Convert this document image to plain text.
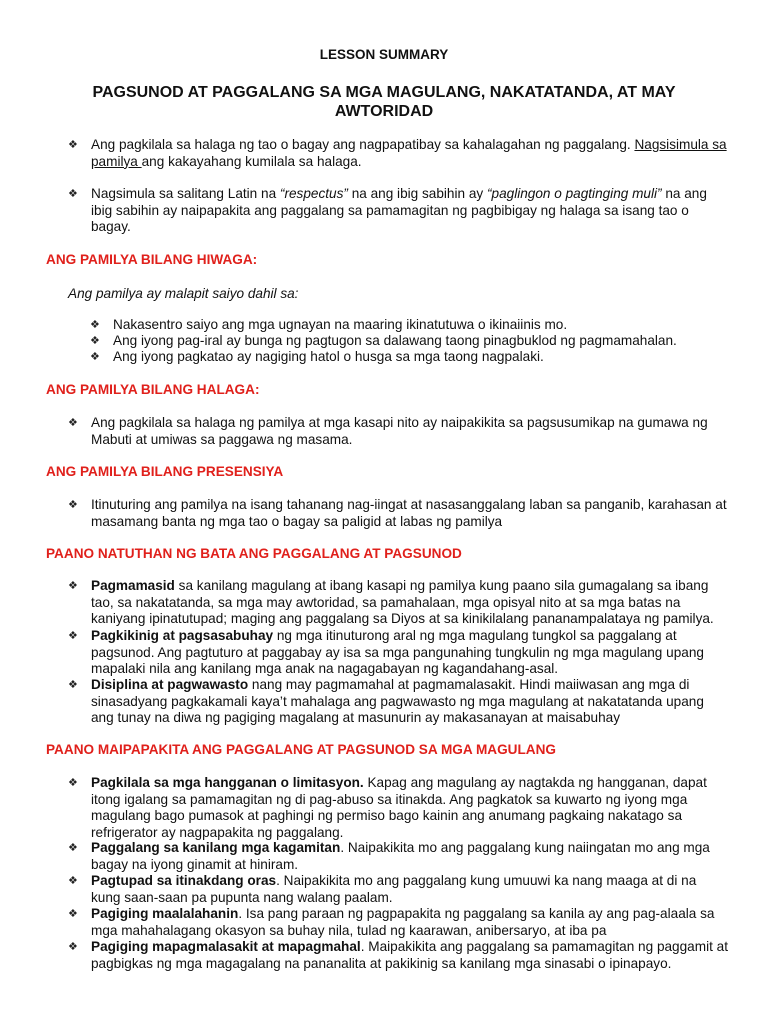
LESSON SUMMARY

PAGSUNOD AT PAGGALANG SA MGA MAGULANG, NAKATATANDA, AT MAY AWTORIDAD

❖ Ang pagkilala sa halaga ng tao o bagay ang nagpapatibay sa kahalagahan ng paggalang. Nagsisimula sa pamilya ang kakayahang kumilala sa halaga.
❖ Nagsimula sa salitang Latin na “respectus” na ang ibig sabihin ay “paglingon o pagtinging muli” na ang ibig sabihin ay naipapakita ang paggalang sa pamamagitan ng pagbibigay ng halaga sa isang tao o bagay.

ANG PAMILYA BILANG HIWAGA:

Ang pamilya ay malapit saiyo dahil sa:

❖ Nakasentro saiyo ang mga ugnayan na maaring ikinatutuwa o ikinaiinis mo.
❖ Ang iyong pag-iral ay bunga ng pagtugon sa dalawang taong pinagbuklod ng pagmamahalan.
❖ Ang iyong pagkatao ay nagiging hatol o husga sa mga taong nagpalaki.

ANG PAMILYA BILANG HALAGA:

❖ Ang pagkilala sa halaga ng pamilya at mga kasapi nito ay naipakikita sa pagsusumikap na gumawa ng Mabuti at umiwas sa paggawa ng masama.

ANG PAMILYA BILANG PRESENSIYA

❖ Itinuturing ang pamilya na isang tahanang nag-iingat at nasasanggalang laban sa panganib, karahasan at masamang banta ng mga tao o bagay sa paligid at labas ng pamilya

PAANO NATUTHAN NG BATA ANG PAGGALANG AT PAGSUNOD

❖ Pagmamasid sa kanilang magulang at ibang kasapi ng pamilya kung paano sila gumagalang sa ibang tao, sa nakatatanda, sa mga may awtoridad, sa pamahalaan, mga opisyal nito at sa mga batas na kaniyang ipinatutupad; maging ang paggalang sa Diyos at sa kinikilalang pananampalataya ng pamilya.
❖ Pagkikinig at pagsasabuhay ng mga itinuturong aral ng mga magulang tungkol sa paggalang at pagsunod. Ang pagtuturo at paggabay ay isa sa mga pangunahing tungkulin ng mga magulang upang mapalaki nila ang kanilang mga anak na nagagabayan ng kagandahang-asal.
❖ Disiplina at pagwawasto nang may pagmamahal at pagmamalasakit. Hindi maiiwasan ang mga di sinasadyang pagkakamali kaya’t mahalaga ang pagwawasto ng mga magulang at nakatatanda upang ang tunay na diwa ng pagiging magalang at masunurin ay makasanayan at maisabuhay

PAANO MAIPAPAKITA ANG PAGGALANG AT PAGSUNOD SA MGA MAGULANG

❖ Pagkilala sa mga hangganan o limitasyon. Kapag ang magulang ay nagtakda ng hangganan, dapat itong igalang sa pamamagitan ng di pag-abuso sa itinakda. Ang pagkatok sa kuwarto ng iyong mga magulang bago pumasok at paghingi ng permiso bago kainin ang anumang pagkaing nakatago sa refrigerator ay nagpapakita ng paggalang.
❖ Paggalang sa kanilang mga kagamitan. Naipakikita mo ang paggalang kung naiingatan mo ang mga bagay na iyong ginamit at hiniram.
❖ Pagtupad sa itinakdang oras. Naipakikita mo ang paggalang kung umuuwi ka nang maaga at di na kung saan-saan pa pupunta nang walang paalam.
❖ Pagiging maalalahanin. Isa pang paraan ng pagpapakita ng paggalang sa kanila ay ang pag-alaala sa mga mahahalagang okasyon sa buhay nila, tulad ng kaarawan, anibersaryo, at iba pa
❖ Pagiging mapagmalasakit at mapagmahal. Maipakikita ang paggalang sa pamamagitan ng paggamit at pagbigkas ng mga magagalang na pananalita at pakikinig sa kanilang mga sinasabi o ipinapayo.
